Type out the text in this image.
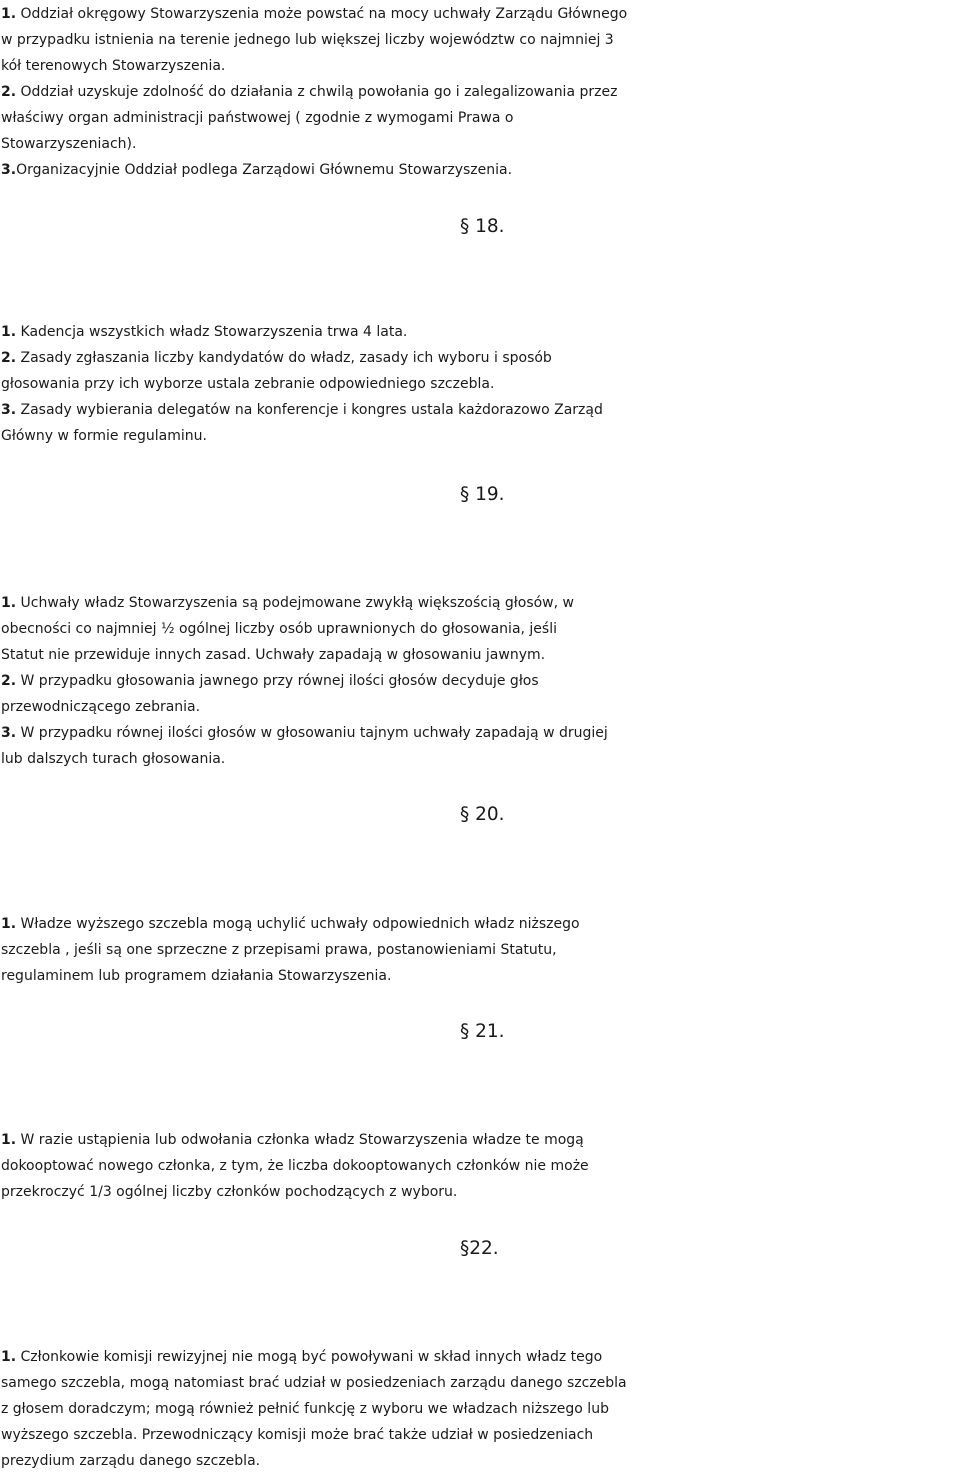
1. Oddział okręgowy Stowarzyszenia może powstać na mocy uchwały Zarządu Głównego
w przypadku istnienia na terenie jednego lub większej liczby województw co najmniej 3
kół terenowych Stowarzyszenia.
2. Oddział uzyskuje zdolność do działania z chwilą powołania go i zalegalizowania przez
właściwy organ administracji państwowej ( zgodnie z wymogami Prawa o
Stowarzyszeniach).
3.Organizacyjnie Oddział podlega Zarządowi Głównemu Stowarzyszenia.
§ 18.
1. Kadencja wszystkich władz Stowarzyszenia trwa 4 lata.
2. Zasady zgłaszania liczby kandydatów do władz, zasady ich wyboru i sposób
głosowania przy ich wyborze ustala zebranie odpowiedniego szczebla.
3. Zasady wybierania delegatów na konferencje i kongres ustala każdorazowo Zarząd
Główny w formie regulaminu.
§ 19.
1. Uchwały władz Stowarzyszenia są podejmowane zwykłą większością głosów, w
obecności co najmniej ½ ogólnej liczby osób uprawnionych do głosowania, jeśli
Statut nie przewiduje innych zasad. Uchwały zapadają w głosowaniu jawnym.
2. W przypadku głosowania jawnego przy równej ilości głosów decyduje głos
przewodniczącego zebrania.
3. W przypadku równej ilości głosów w głosowaniu tajnym uchwały zapadają w drugiej
lub dalszych turach głosowania.
§ 20.
1. Władze wyższego szczebla mogą uchylić uchwały odpowiednich władz niższego
szczebla , jeśli są one sprzeczne z przepisami prawa, postanowieniami Statutu,
regulaminem lub programem działania Stowarzyszenia.
§ 21.
1. W razie ustąpienia lub odwołania członka władz Stowarzyszenia władze te mogą
dokooptować nowego członka, z tym, że liczba dokooptowanych członków nie może
przekroczyć 1/3 ogólnej liczby członków pochodzących z wyboru.
§22.
1. Członkowie komisji rewizyjnej nie mogą być powoływani w skład innych władz tego
samego szczebla, mogą natomiast brać udział w posiedzeniach zarządu danego szczebla
z głosem doradczym; mogą również pełnić funkcję z wyboru we władzach niższego lub
wyższego szczebla. Przewodniczący komisji może brać także udział w posiedzeniach
prezydium zarządu danego szczebla.
